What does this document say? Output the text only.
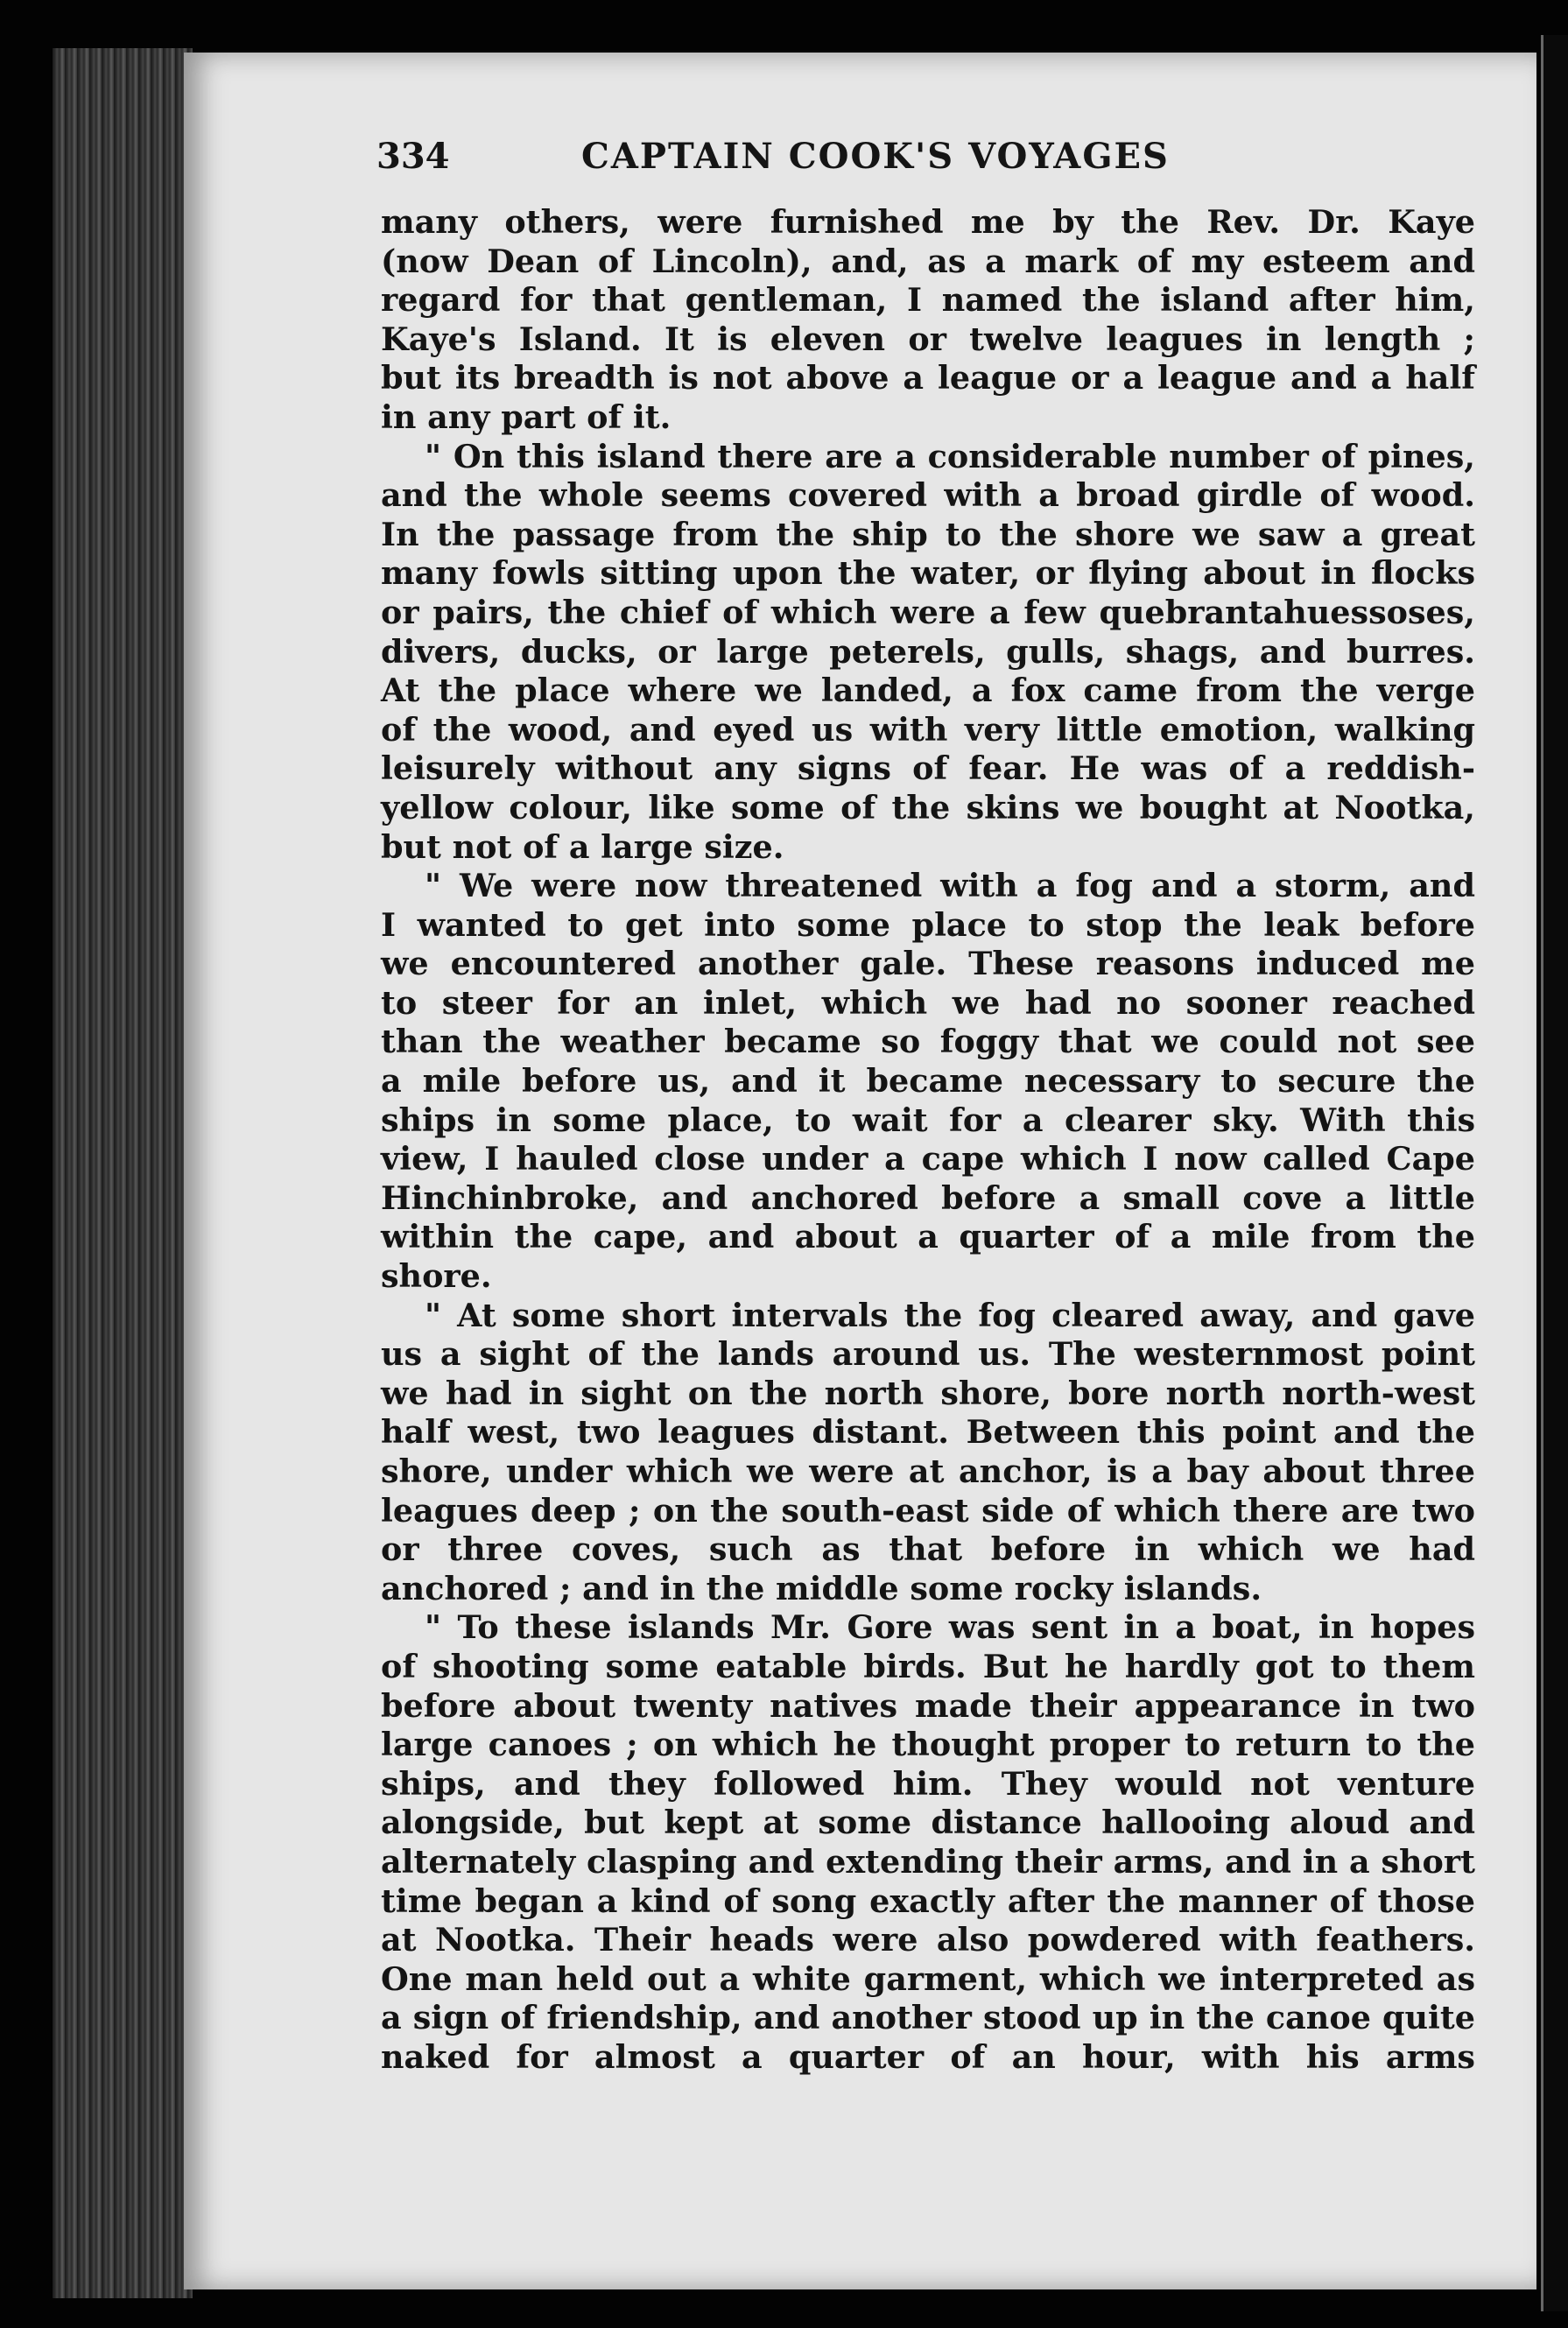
334	CAPTAIN COOK'S VOYAGES
many others, were furnished me by the Rev. Dr. Kaye
(now Dean of Lincoln), and, as a mark of my esteem and
regard for that gentleman, I named the island after him,
Kaye's Island. It is eleven or twelve leagues in length ;
but its breadth is not above a league or a league and a half
in any part of it.
" On this island there are a considerable number of pines,
and the whole seems covered with a broad girdle of wood.
In the passage from the ship to the shore we saw a great
many fowls sitting upon the water, or flying about in flocks
or pairs, the chief of which were a few quebrantahuessoses,
divers, ducks, or large peterels, gulls, shags, and burres.
At the place where we landed, a fox came from the verge
of the wood, and eyed us with very little emotion, walking
leisurely without any signs of fear. He was of a reddish-
yellow colour, like some of the skins we bought at Nootka,
but not of a large size.
" We were now threatened with a fog and a storm, and
I wanted to get into some place to stop the leak before
we encountered another gale. These reasons induced me
to steer for an inlet, which we had no sooner reached
than the weather became so foggy that we could not see
a mile before us, and it became necessary to secure the
ships in some place, to wait for a clearer sky. With this
view, I hauled close under a cape which I now called Cape
Hinchinbroke, and anchored before a small cove a little
within the cape, and about a quarter of a mile from the
shore.
" At some short intervals the fog cleared away, and gave
us a sight of the lands around us. The westernmost point
we had in sight on the north shore, bore north north-west
half west, two leagues distant. Between this point and the
shore, under which we were at anchor, is a bay about three
leagues deep ; on the south-east side of which there are two
or three coves, such as that before in which we had
anchored ; and in the middle some rocky islands.
" To these islands Mr. Gore was sent in a boat, in hopes
of shooting some eatable birds. But he hardly got to them
before about twenty natives made their appearance in two
large canoes ; on which he thought proper to return to the
ships, and they followed him. They would not venture
alongside, but kept at some distance hallooing aloud and
alternately clasping and extending their arms, and in a short
time began a kind of song exactly after the manner of those
at Nootka. Their heads were also powdered with feathers.
One man held out a white garment, which we interpreted as
a sign of friendship, and another stood up in the canoe quite
naked for almost a quarter of an hour, with his arms
